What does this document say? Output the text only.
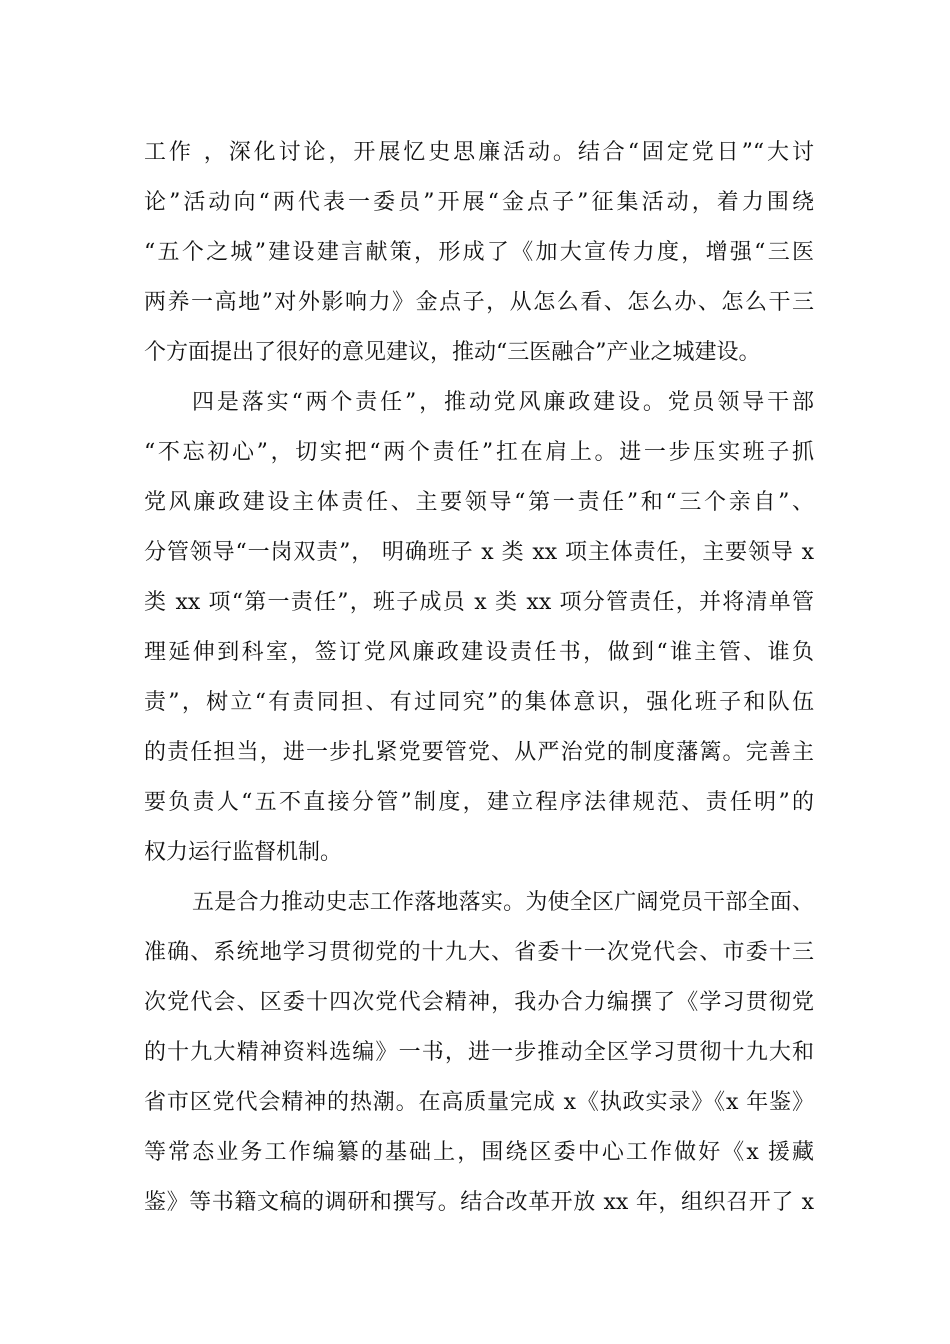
工作 ，深化讨论，开展忆史思廉活动。结合“固定党日”“大讨
论”活动向“两代表一委员”开展“金点子”征集活动，着力围绕
“五个之城”建设建言献策，形成了《加大宣传力度，增强“三医
两养一高地”对外影响力》金点子，从怎么看、怎么办、怎么干三
个方面提出了很好的意见建议，推动“三医融合”产业之城建设。
四是落实“两个责任”，推动党风廉政建设。党员领导干部
“不忘初心”，切实把“两个责任”扛在肩上。进一步压实班子抓
党风廉政建设主体责任、主要领导“第一责任”和“三个亲自”、
分管领导“一岗双责”， 明确班子 x 类 xx 项主体责任，主要领导 x
类 xx 项“第一责任”，班子成员 x 类 xx 项分管责任，并将清单管
理延伸到科室，签订党风廉政建设责任书，做到“谁主管、谁负
责”，树立“有责同担、有过同究”的集体意识，强化班子和队伍
的责任担当，进一步扎紧党要管党、从严治党的制度藩篱。完善主
要负责人“五不直接分管”制度，建立程序法律规范、责任明”的
权力运行监督机制。
五是合力推动史志工作落地落实。为使全区广阔党员干部全面、
准确、系统地学习贯彻党的十九大、省委十一次党代会、市委十三
次党代会、区委十四次党代会精神，我办合力编撰了《学习贯彻党
的十九大精神资料选编》一书，进一步推动全区学习贯彻十九大和
省市区党代会精神的热潮。在高质量完成 x《执政实录》《x 年鉴》
等常态业务工作编纂的基础上，围绕区委中心工作做好《x 援藏
鉴》等书籍文稿的调研和撰写。结合改革开放 xx 年，组织召开了 x
